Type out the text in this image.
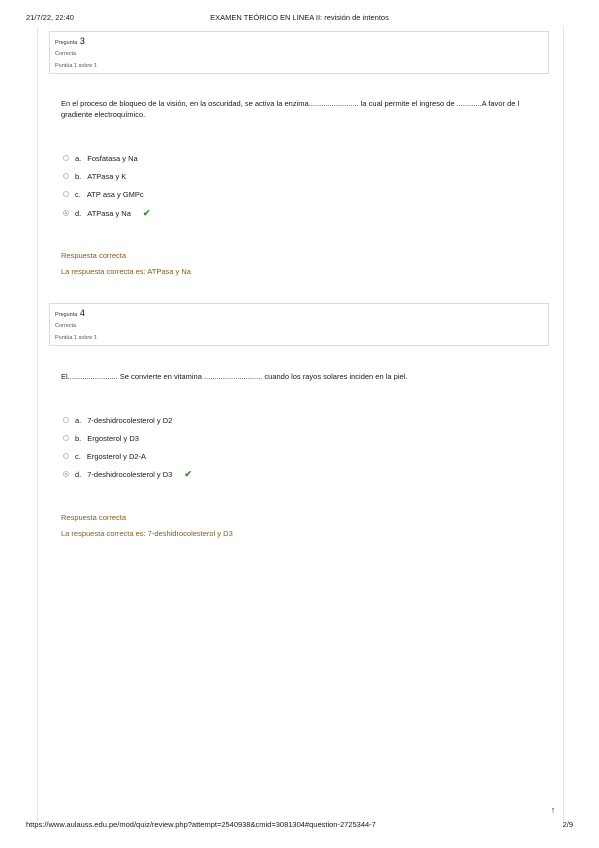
21/7/22, 22:40	EXAMEN TEÓRICO EN LINEA II: revisión de intentos
Pregunta 3
Correcta
Puntúa 1 sobre 1
En el proceso de bloqueo de la visión, en la oscuridad, se activa la enzima........................ la cual permite el ingreso de ............A favor de l gradiente electroquímico.
a. Fosfatasa y Na
b. ATPasa y K
c. ATP asa y GMPc
d. ATPasa y Na ✔
Respuesta correcta
La respuesta correcta es: ATPasa y Na
Pregunta 4
Correcta
Puntúa 1 sobre 1
El........................ Se convierte en vitamina ............................ cuando los rayos solares inciden en la piel.
a. 7-deshidrocolesterol y D2
b. Ergosterol y D3
c. Ergosterol y D2-A
d. 7-deshidrocolesterol y D3 ✔
Respuesta correcta
La respuesta correcta es: 7-deshidrocolesterol y D3
↑
https://www.aulauss.edu.pe/mod/quiz/review.php?attempt=2540938&cmid=3081304#question-2725344-7	2/9
